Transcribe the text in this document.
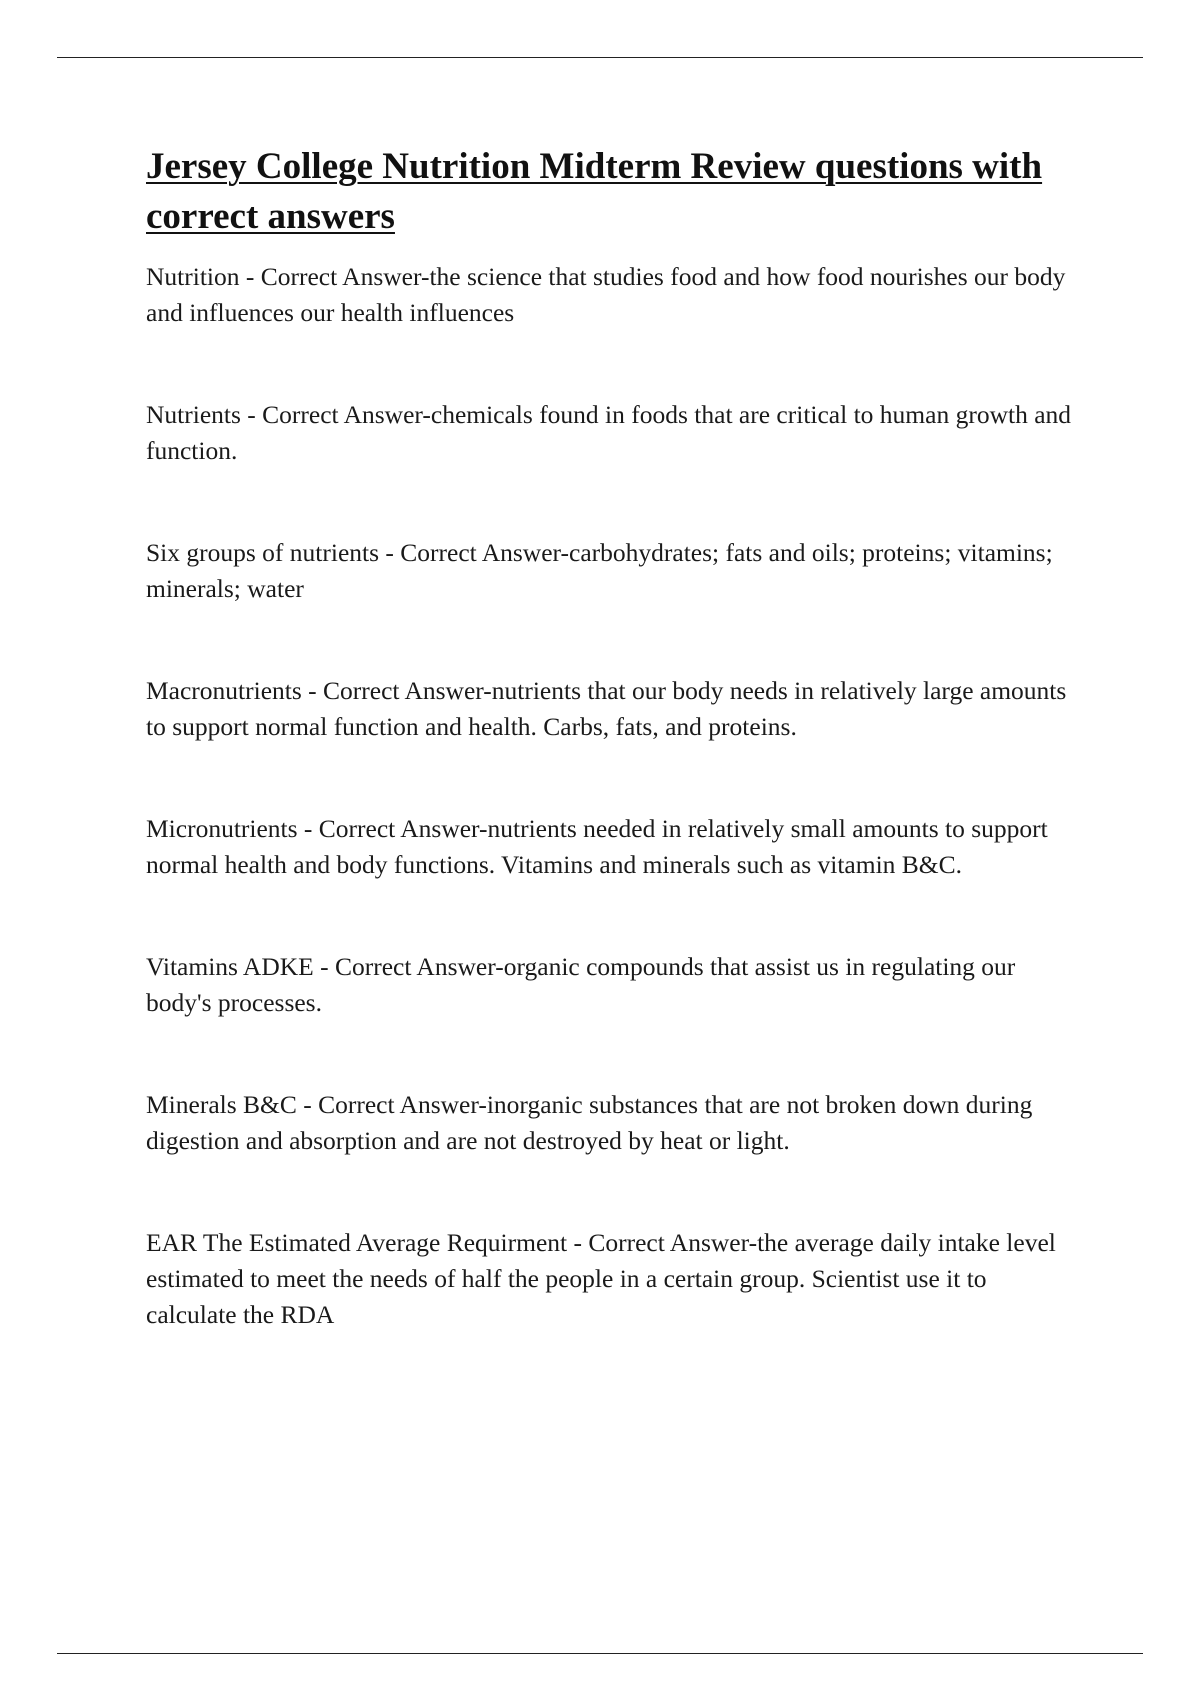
Jersey College Nutrition Midterm Review questions with correct answers
Nutrition - Correct Answer-the science that studies food and how food nourishes our body and influences our health influences
Nutrients - Correct Answer-chemicals found in foods that are critical to human growth and function.
Six groups of nutrients - Correct Answer-carbohydrates; fats and oils; proteins; vitamins; minerals; water
Macronutrients - Correct Answer-nutrients that our body needs in relatively large amounts to support normal function and health. Carbs, fats, and proteins.
Micronutrients - Correct Answer-nutrients needed in relatively small amounts to support normal health and body functions. Vitamins and minerals such as vitamin B&C.
Vitamins ADKE - Correct Answer-organic compounds that assist us in regulating our body's processes.
Minerals B&C - Correct Answer-inorganic substances that are not broken down during digestion and absorption and are not destroyed by heat or light.
EAR The Estimated Average Requirment - Correct Answer-the average daily intake level estimated to meet the needs of half the people in a certain group. Scientist use it to calculate the RDA
